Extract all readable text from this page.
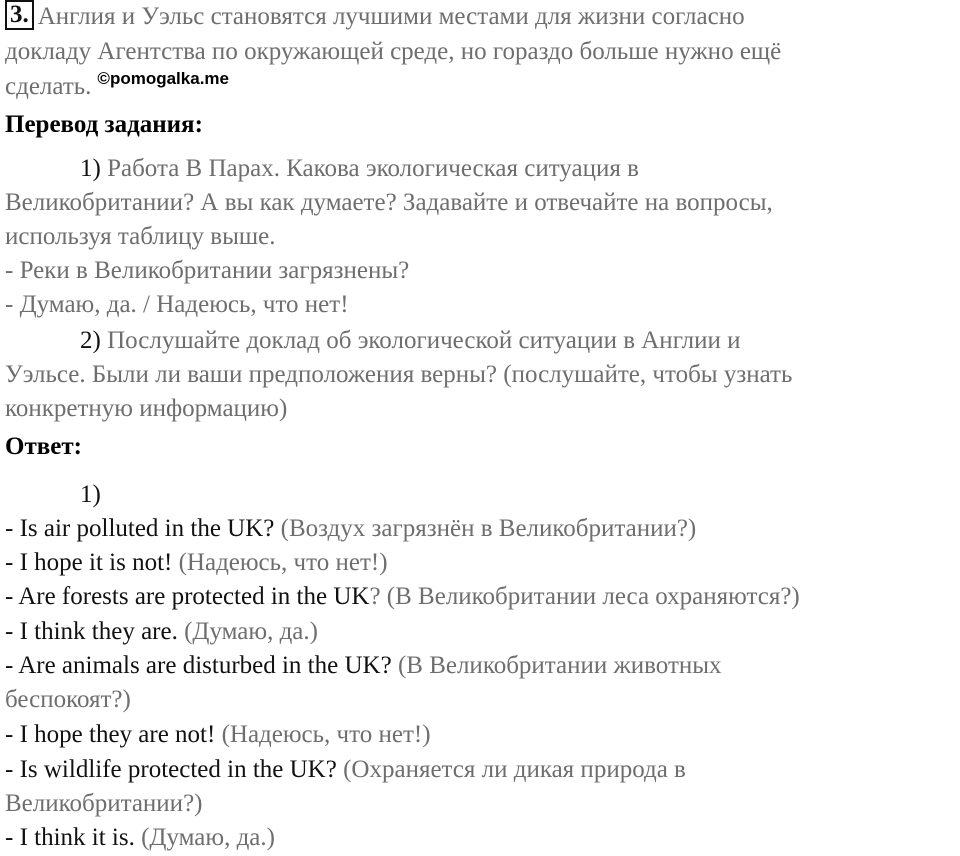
3. Англия и Уэльс становятся лучшими местами для жизни согласно
докладу Агентства по окружающей среде, но гораздо больше нужно ещё
сделать. $^{©pomogalka.me}$
Перевод задания:
1) Работа В Парах. Какова экологическая ситуация в
Великобритании? А вы как думаете? Задавайте и отвечайте на вопросы,
используя таблицу выше.
- Реки в Великобритании загрязнены?
- Думаю, да. / Надеюсь, что нет!
2) Послушайте доклад об экологической ситуации в Англии и
Уэльсе. Были ли ваши предположения верны? (послушайте, чтобы узнать
конкретную информацию)
Ответ:
1)
- Is air polluted in the UK? (Воздух загрязнён в Великобритании?)
- I hope it is not! (Надеюсь, что нет!)
- Are forests are protected in the UK? (В Великобритании леса охраняются?)
- I think they are. (Думаю, да.)
- Are animals are disturbed in the UK? (В Великобритании животных
беспокоят?)
- I hope they are not! (Надеюсь, что нет!)
- Is wildlife protected in the UK? (Охраняется ли дикая природа в
Великобритании?)
- I think it is. (Думаю, да.)
